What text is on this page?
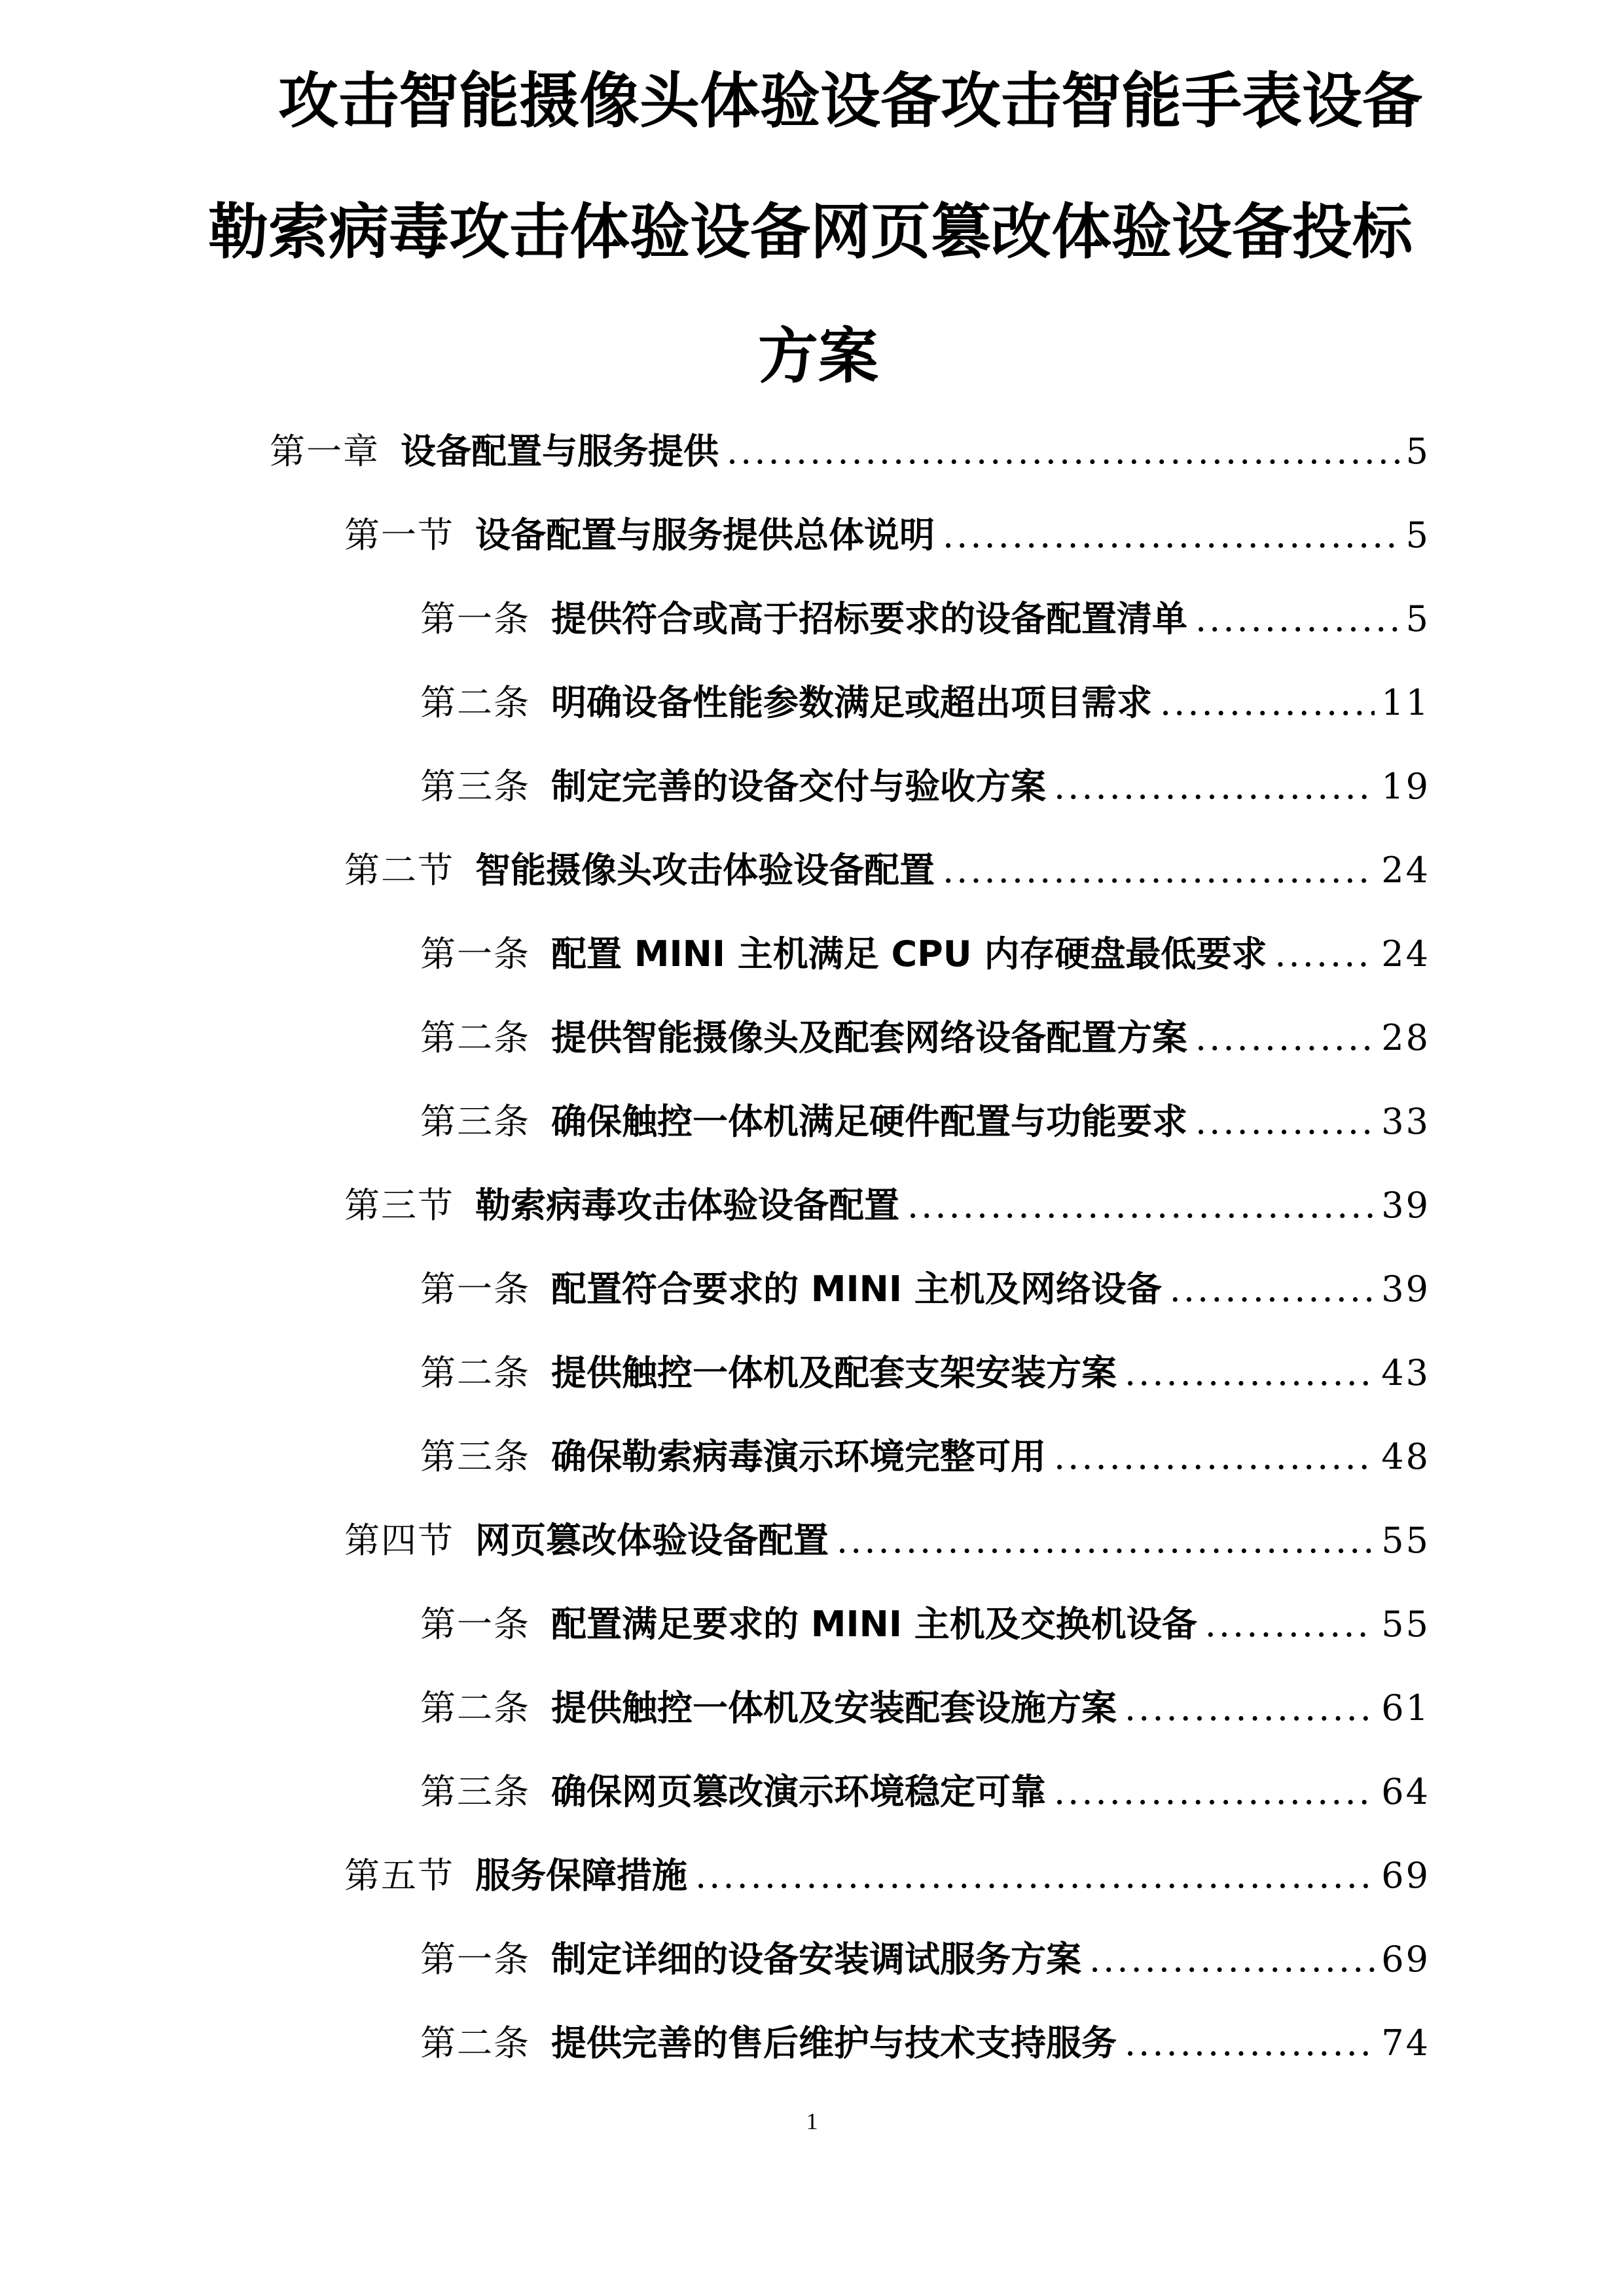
攻击智能摄像头体验设备攻击智能手表设备
勒索病毒攻击体验设备网页篡改体验设备投标
方案
第一章 设备配置与服务提供 .....	5
第一节 设备配置与服务提供总体说明 .....	5
第一条 提供符合或高于招标要求的设备配置清单 .....	5
第二条 明确设备性能参数满足或超出项目需求 .....	11
第三条 制定完善的设备交付与验收方案 .....	19
第二节 智能摄像头攻击体验设备配置 .....	24
第一条 配置 MINI 主机满足 CPU 内存硬盘最低要求 .....	24
第二条 提供智能摄像头及配套网络设备配置方案 .....	28
第三条 确保触控一体机满足硬件配置与功能要求 .....	33
第三节 勒索病毒攻击体验设备配置 .....	39
第一条 配置符合要求的 MINI 主机及网络设备 .....	39
第二条 提供触控一体机及配套支架安装方案 .....	43
第三条 确保勒索病毒演示环境完整可用 .....	48
第四节 网页篡改体验设备配置 .....	55
第一条 配置满足要求的 MINI 主机及交换机设备 .....	55
第二条 提供触控一体机及安装配套设施方案 .....	61
第三条 确保网页篡改演示环境稳定可靠 .....	64
第五节 服务保障措施 .....	69
第一条 制定详细的设备安装调试服务方案 .....	69
第二条 提供完善的售后维护与技术支持服务 .....	74
1
